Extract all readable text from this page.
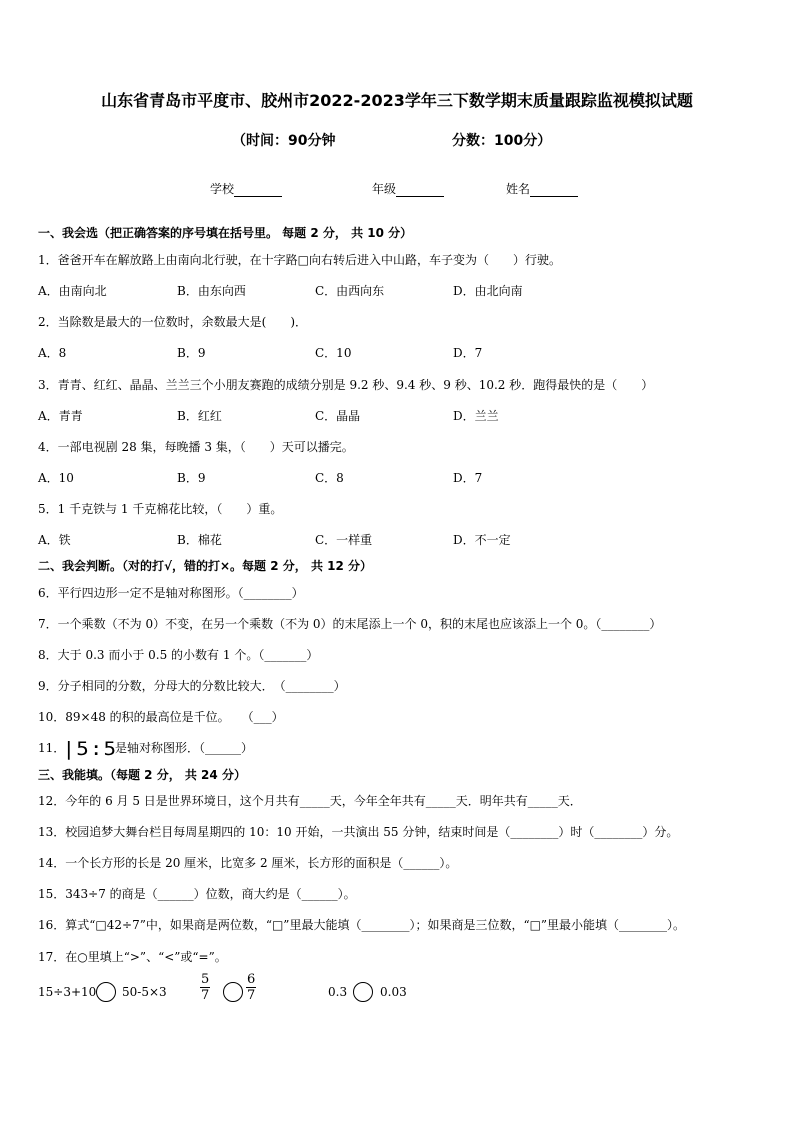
山东省青岛市平度市、胶州市2022-2023学年三下数学期末质量跟踪监视模拟试题
（时间：90分钟	分数：100分）
学校	年级	姓名
一、我会选（把正确答案的序号填在括号里。 每题 2 分， 共 10 分）
1．爸爸开车在解放路上由南向北行驶，在十字路□向右转后进入中山路，车子变为（　　）行驶。
A．由南向北	B．由东向西	C．由西向东	D．由北向南
2．当除数是最大的一位数时，余数最大是(　　)．
A．8	B．9	C．10	D．7
3．青青、红红、晶晶、兰兰三个小朋友赛跑的成绩分别是 9.2 秒、9.4 秒、9 秒、10.2 秒．跑得最快的是（　　）
A．青青	B．红红	C．晶晶	D．兰兰
4．一部电视剧 28 集，每晚播 3 集，（　　）天可以播完。
A．10	B．9	C．8	D．7
5．1 千克铁与 1 千克棉花比较，（　　）重。
A．铁	B．棉花	C．一样重	D．不一定
二、我会判断。（对的打√，错的打×。每题 2 分， 共 12 分）
6．平行四边形一定不是轴对称图形。（________）
7．一个乘数（不为 0）不变，在另一个乘数（不为 0）的末尾添上一个 0，积的末尾也应该添上一个 0。（________）
8．大于 0.3 而小于 0.5 的小数有 1 个。（_______）
9．分子相同的分数，分母大的分数比较大．　（________）
10．89×48 的积的最高位是千位。　　（___）
11．|5:5是轴对称图形．（______）
三、我能填。（每题 2 分， 共 24 分）
12．今年的 6 月 5 日是世界环境日，这个月共有_____天，今年全年共有_____天．明年共有_____天．
13．校园追梦大舞台栏目每周星期四的 10：10 开始，一共演出 55 分钟，结束时间是（________）时（________）分。
14．一个长方形的长是 20 厘米，比宽多 2 厘米，长方形的面积是（______）。
15．343÷7 的商是（______）位数，商大约是（______）。
16．算式“□42÷7”中，如果商是两位数，“□”里最大能填（________）；如果商是三位数，“□”里最小能填（________）。
17．在○里填上“>”、“<”或“=”。
15÷3+10 50-5×3	$\frac{5}{7}$	$\frac{6}{7}$	0.3	0.03
